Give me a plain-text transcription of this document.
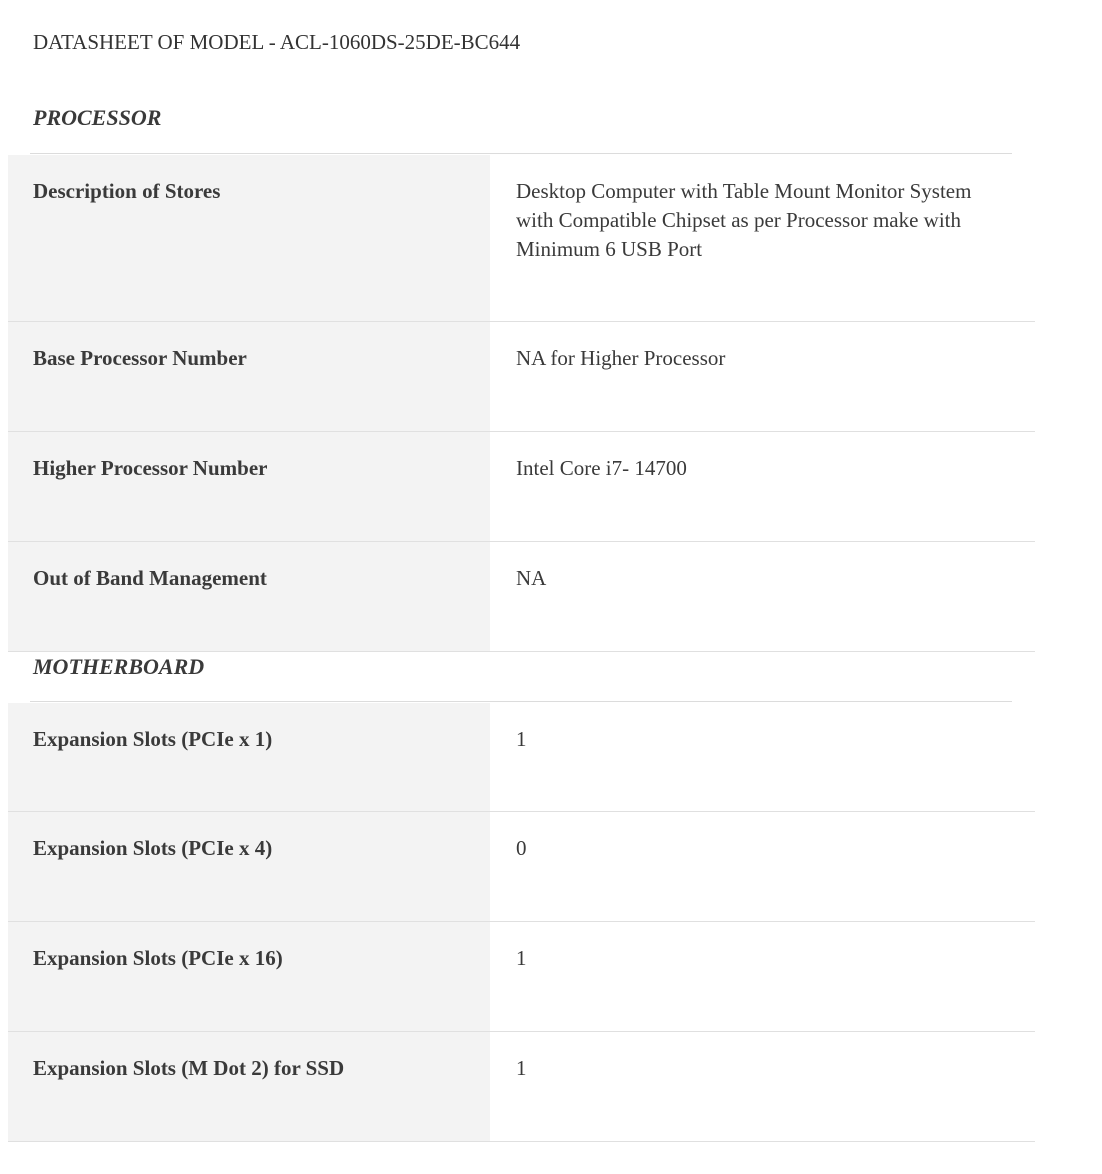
DATASHEET OF MODEL - ACL-1060DS-25DE-BC644
PROCESSOR
Description of Stores	Desktop Computer with Table Mount Monitor System with Compatible Chipset as per Processor make with Minimum 6 USB Port
Base Processor Number	NA for Higher Processor
Higher Processor Number	Intel Core i7- 14700
Out of Band Management	NA
MOTHERBOARD
Expansion Slots (PCIe x 1)	1
Expansion Slots (PCIe x 4)	0
Expansion Slots (PCIe x 16)	1
Expansion Slots (M Dot 2) for SSD	1
